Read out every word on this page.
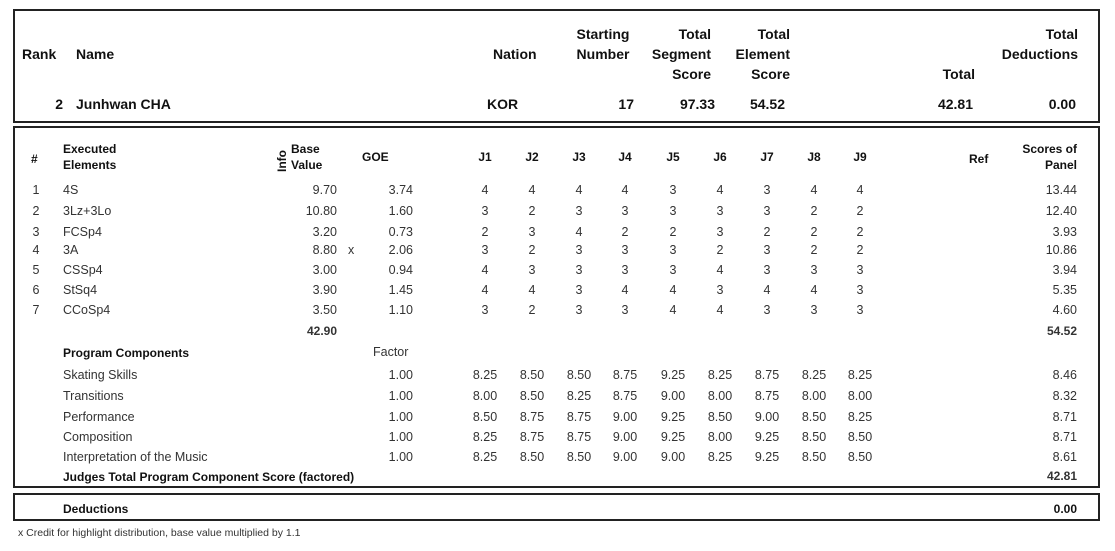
Rank Name	Nation
Starting
Number
Total
Segment
Score
Total
Element
Score

	Total

Total
Deductions
2 Junhwan CHA	KOR	17	97.33	54.52	42.81	0.00
#
Executed
Elements	Info
Base
Value
GOE	J1	J2	J3	J4	J5	J6	J7	J8	J9	Ref
Scores of
Panel
1 4S	9.70	3.74	4	4	4	4	3	4	3	4	4	13.44
2 3Lz+3Lo	10.80	1.60	3	2	3	3	3	3	3	2	2	12.40
3 FCSp4	3.20	0.73	2	3	4	2	2	3	2	2	2	3.93
4 3A	8.80 x	2.06	3	2	3	3	3	2	3	2	2	10.86
5 CSSp4	3.00	0.94	4	3	3	3	3	4	3	3	3	3.94
6 StSq4	3.90	1.45	4	4	3	4	4	3	4	4	3	5.35
7 CCoSp4	3.50	1.10	3	2	3	3	4	4	3	3	3	4.60
42.90	54.52
Program Components	Factor
Skating Skills	1.00	8.25	8.50	8.50	8.75	9.25	8.25	8.75	8.25	8.25	8.46
Transitions	1.00	8.00	8.50	8.25	8.75	9.00	8.00	8.75	8.00	8.00	8.32
Performance	1.00	8.50	8.75	8.75	9.00	9.25	8.50	9.00	8.50	8.25	8.71
Composition	1.00	8.25	8.75	8.75	9.00	9.25	8.00	9.25	8.50	8.50	8.71
Interpretation of the Music	1.00	8.25	8.50	8.50	9.00	9.00	8.25	9.25	8.50	8.50	8.61
Judges Total Program Component Score (factored)	42.81
Deductions	0.00
x Credit for highlight distribution, base value multiplied by 1.1
